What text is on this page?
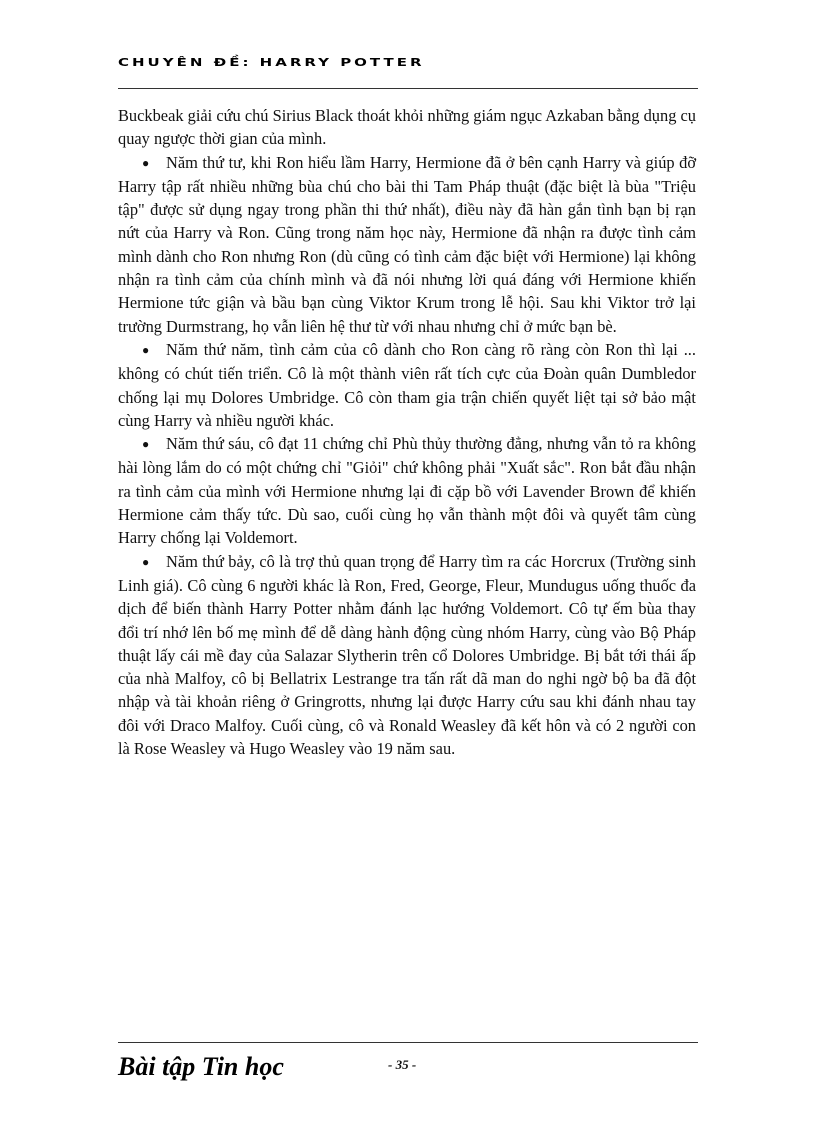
CHUYÊN ĐỀ: HARRY POTTER

Buckbeak giải cứu chú Sirius Black thoát khỏi những giám ngục Azkaban bằng dụng cụ quay ngược thời gian của mình.

● Năm thứ tư, khi Ron hiểu lầm Harry, Hermione đã ở bên cạnh Harry và giúp đỡ Harry tập rất nhiều những bùa chú cho bài thi Tam Pháp thuật (đặc biệt là bùa "Triệu tập" được sử dụng ngay trong phần thi thứ nhất), điều này đã hàn gắn tình bạn bị rạn nứt của Harry và Ron. Cũng trong năm học này, Hermione đã nhận ra được tình cảm mình dành cho Ron nhưng Ron (dù cũng có tình cảm đặc biệt với Hermione) lại không nhận ra tình cảm của chính mình và đã nói nhưng lời quá đáng với Hermione khiến Hermione tức giận và bầu bạn cùng Viktor Krum trong lễ hội. Sau khi Viktor trở lại trường Durmstrang, họ vẫn liên hệ thư từ với nhau nhưng chỉ ở mức bạn bè.

● Năm thứ năm, tình cảm của cô dành cho Ron càng rõ ràng còn Ron thì lại ... không có chút tiến triển. Cô là một thành viên rất tích cực của Đoàn quân Dumbledor chống lại mụ Dolores Umbridge. Cô còn tham gia trận chiến quyết liệt tại sở bảo mật cùng Harry và nhiều người khác.

● Năm thứ sáu, cô đạt 11 chứng chỉ Phù thủy thường đẳng, nhưng vẫn tỏ ra không hài lòng lắm do có một chứng chỉ "Giỏi" chứ không phải "Xuất sắc". Ron bắt đầu nhận ra tình cảm của mình với Hermione nhưng lại đi cặp bồ với Lavender Brown để khiến Hermione cảm thấy tức. Dù sao, cuối cùng họ vẫn thành một đôi và quyết tâm cùng Harry chống lại Voldemort.

● Năm thứ bảy, cô là trợ thủ quan trọng để Harry tìm ra các Horcrux (Trường sinh Linh giá). Cô cùng 6 người khác là Ron, Fred, George, Fleur, Mundugus uống thuốc đa dịch để biến thành Harry Potter nhằm đánh lạc hướng Voldemort. Cô tự ếm bùa thay đổi trí nhớ lên bố mẹ mình để dễ dàng hành động cùng nhóm Harry, cùng vào Bộ Pháp thuật lấy cái mề đay của Salazar Slytherin trên cổ Dolores Umbridge. Bị bắt tới thái ấp của nhà Malfoy, cô bị Bellatrix Lestrange tra tấn rất dã man do nghi ngờ bộ ba đã đột nhập và tài khoản riêng ở Gringrotts, nhưng lại được Harry cứu sau khi đánh nhau tay đôi với Draco Malfoy. Cuối cùng, cô và Ronald Weasley đã kết hôn và có 2 người con là Rose Weasley và Hugo Weasley vào 19 năm sau.

Bài tập Tin học	- 35 -
